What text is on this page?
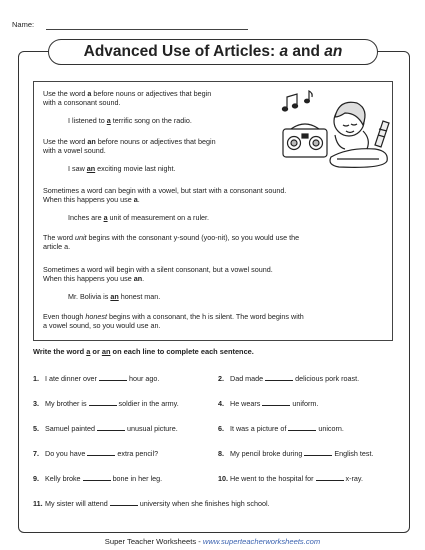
Name:
Advanced Use of Articles: a and an
Use the word a before nouns or adjectives that begin
with a consonant sound.
I listened to a terrific song on the radio.
Use the word an before nouns or adjectives that begin
with a vowel sound.
I saw an exciting movie last night.
Sometimes a word can begin with a vowel, but start with a consonant sound.
When this happens you use a.
Inches are a unit of measurement on a ruler.
The word unit begins with the consonant y-sound (yoo-nit), so you would use the
article a.
Sometimes a word will begin with a silent consonant, but a vowel sound.
When this happens you use an.
Mr. Bolivia is an honest man.
Even though honest begins with a consonant, the h is silent. The word begins with
a vowel sound, so you would use an.
Write the word a or an on each line to complete each sentence.
1. I ate dinner over	hour ago.	2. Dad made	delicious pork roast.
3. My brother is	soldier in the army.	4. He wears	uniform.
5. Samuel painted	unusual picture.	6. It was a picture of	unicorn.
7. Do you have	extra pencil?	8. My pencil broke during	English test.
9. Kelly broke	bone in her leg.	10. He went to the hospital for	x-ray.
11. My sister will attend	university when she finishes high school.
Super Teacher Worksheets - www.superteacherworksheets.com
